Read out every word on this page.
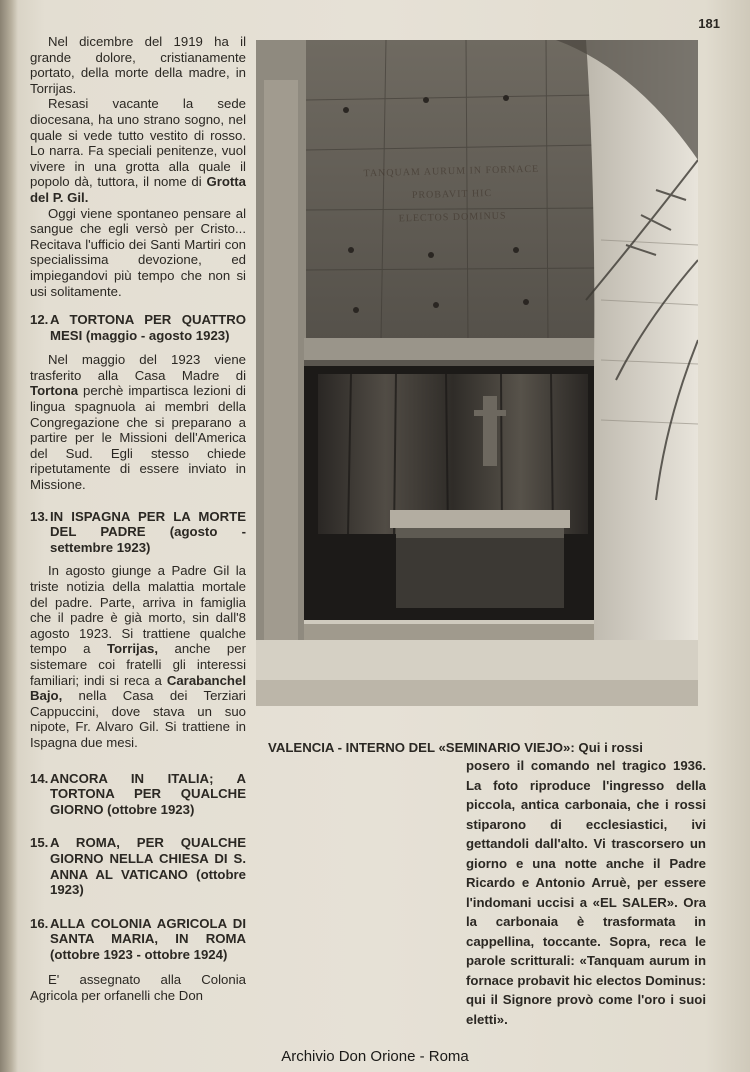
181

Nel dicembre del 1919 ha il grande dolore, cristianamente portato, della morte della madre, in Torrijas.

Resasi vacante la sede diocesana, ha uno strano sogno, nel quale si vede tutto vestito di rosso. Lo narra. Fa speciali penitenze, vuol vivere in una grotta alla quale il popolo dà, tuttora, il nome di Grotta del P. Gil.

Oggi viene spontaneo pensare al sangue che egli versò per Cristo... Recitava l'ufficio dei Santi Martiri con specialissima devozione, ed impiegandovi più tempo che non si usi solitamente.

12. A TORTONA PER QUATTRO MESI (maggio - agosto 1923)

Nel maggio del 1923 viene trasferito alla Casa Madre di Tortona perchè impartisca lezioni di lingua spagnuola ai membri della Congregazione che si preparano a partire per le Missioni dell'America del Sud. Egli stesso chiede ripetutamente di essere inviato in Missione.

13. IN ISPAGNA PER LA MORTE DEL PADRE (agosto - settembre 1923)

In agosto giunge a Padre Gil la triste notizia della malattia mortale del padre. Parte, arriva in famiglia che il padre è già morto, sin dall'8 agosto 1923. Si trattiene qualche tempo a Torrijas, anche per sistemare coi fratelli gli interessi familiari; indi si reca a Carabanchel Bajo, nella Casa dei Terziari Cappuccini, dove stava un suo nipote, Fr. Alvaro Gil. Si trattiene in Ispagna due mesi.

14. ANCORA IN ITALIA; A TORTONA PER QUALCHE GIORNO (ottobre 1923)
15. A ROMA, PER QUALCHE GIORNO NELLA CHIESA DI S. ANNA AL VATICANO (ottobre 1923)
16. ALLA COLONIA AGRICOLA DI SANTA MARIA, IN ROMA (ottobre 1923 - ottobre 1924)

E' assegnato alla Colonia Agricola per orfanelli che Don

TANQUAM AURUM IN FORNACE
PROBAVIT HIC
ELECTOS DOMINUS
VALENCIA - INTERNO DEL «SEMINARIO VIEJO»: Qui i rossi

posero il comando nel tragico 1936. La foto riproduce l'ingresso della piccola, antica carbonaia, che i rossi stiparono di ecclesiastici, ivi gettandoli dall'alto. Vi trascorsero un giorno e una notte anche il Padre Ricardo e Antonio Arruè, per essere l'indomani uccisi a «EL SALER». Ora la carbonaia è trasformata in cappellina, toccante. Sopra, reca le parole scritturali: «Tanquam aurum in fornace probavit hic electos Dominus: qui il Signore provò come l'oro i suoi eletti».

Archivio Don Orione - Roma
